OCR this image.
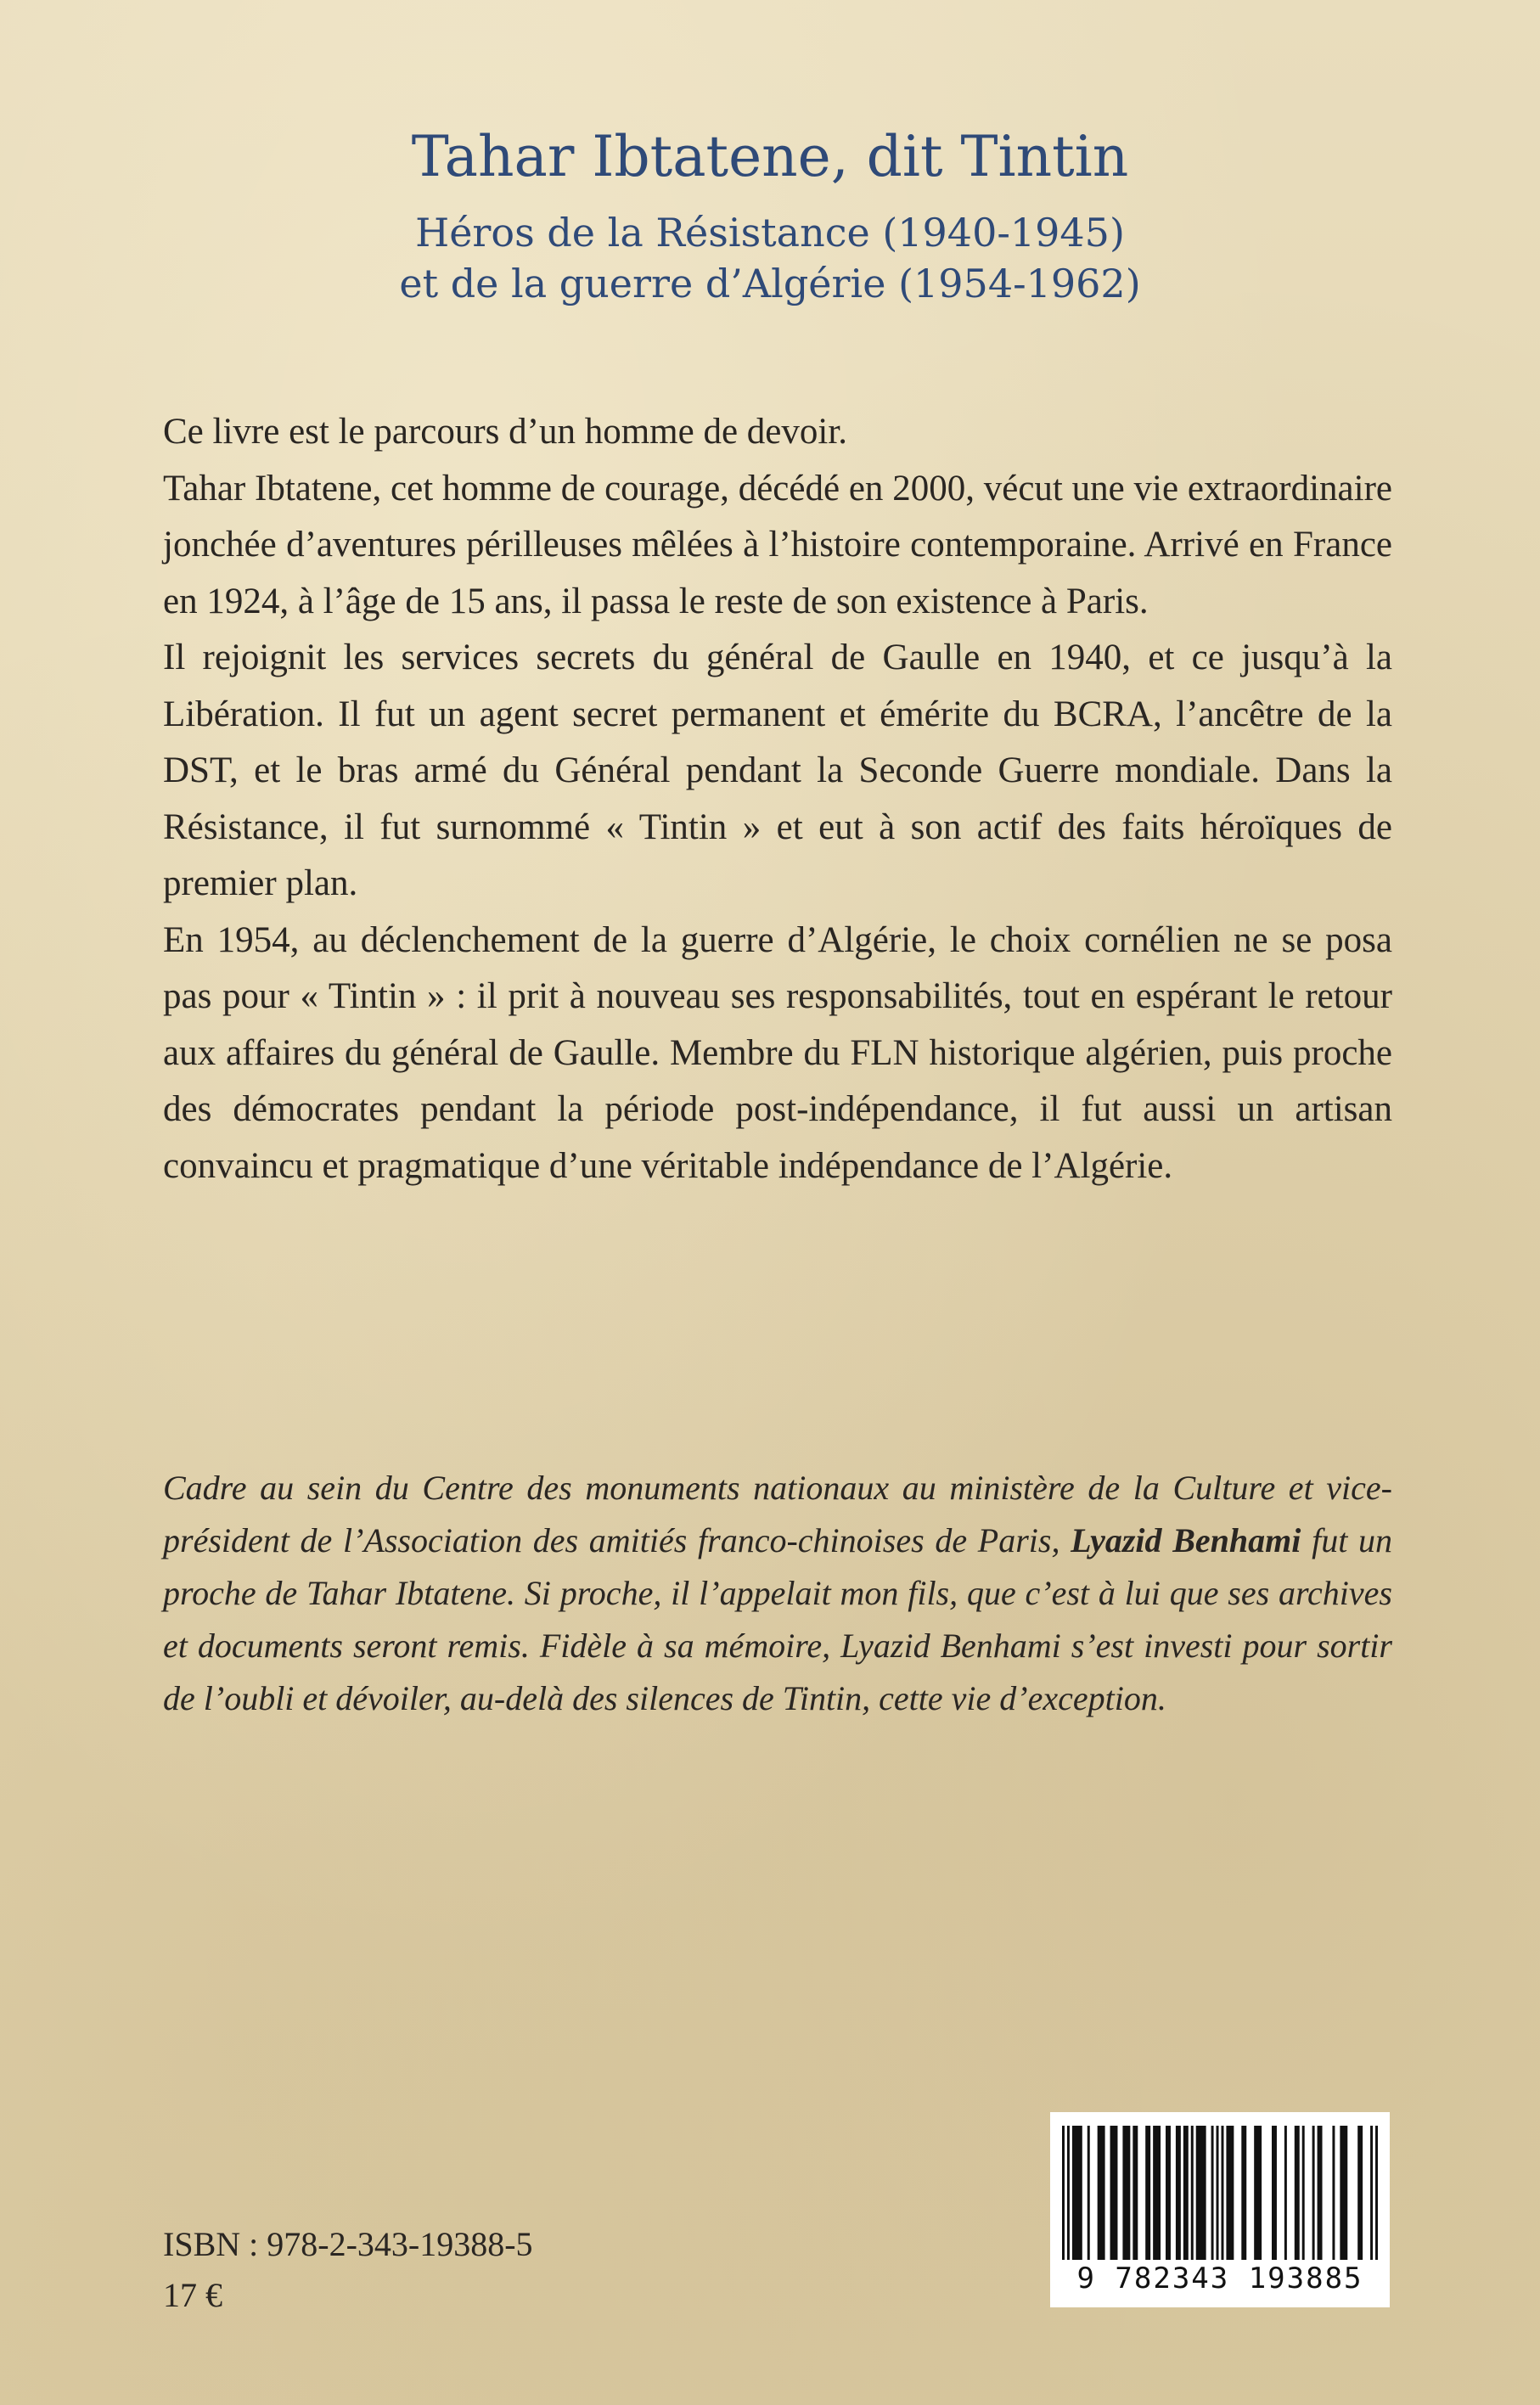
Tahar Ibtatene, dit Tintin
Héros de la Résistance (1940-1945)
et de la guerre d’Algérie (1954-1962)

Ce livre est le parcours d’un homme de devoir.

Tahar Ibtatene, cet homme de courage, décédé en 2000, vécut une vie extraordinaire jonchée d’aventures périlleuses mêlées à l’histoire contemporaine. Arrivé en France en 1924, à l’âge de 15 ans, il passa le reste de son existence à Paris.

Il rejoignit les services secrets du général de Gaulle en 1940, et ce jusqu’à la Libération. Il fut un agent secret permanent et émérite du BCRA, l’ancêtre de la DST, et le bras armé du Général pendant la Seconde Guerre mondiale. Dans la Résistance, il fut surnommé « Tintin » et eut à son actif des faits héroïques de premier plan.

En 1954, au déclenchement de la guerre d’Algérie, le choix cornélien ne se posa pas pour « Tintin » : il prit à nouveau ses responsabilités, tout en espérant le retour aux affaires du général de Gaulle. Membre du FLN historique algérien, puis proche des démocrates pendant la période post-indépendance, il fut aussi un artisan convaincu et pragmatique d’une véritable indépendance de l’Algérie.

Cadre au sein du Centre des monuments nationaux au ministère de la Culture et vice-président de l’Association des amitiés franco-chinoises de Paris, Lyazid Benhami fut un proche de Tahar Ibtatene. Si proche, il l’appelait mon fils, que c’est à lui que ses archives et documents seront remis. Fidèle à sa mémoire, Lyazid Benhami s’est investi pour sortir de l’oubli et dévoiler, au-delà des silences de Tintin, cette vie d’exception.

ISBN : 978-2-343-19388-5
17 €	9 782343 193885
